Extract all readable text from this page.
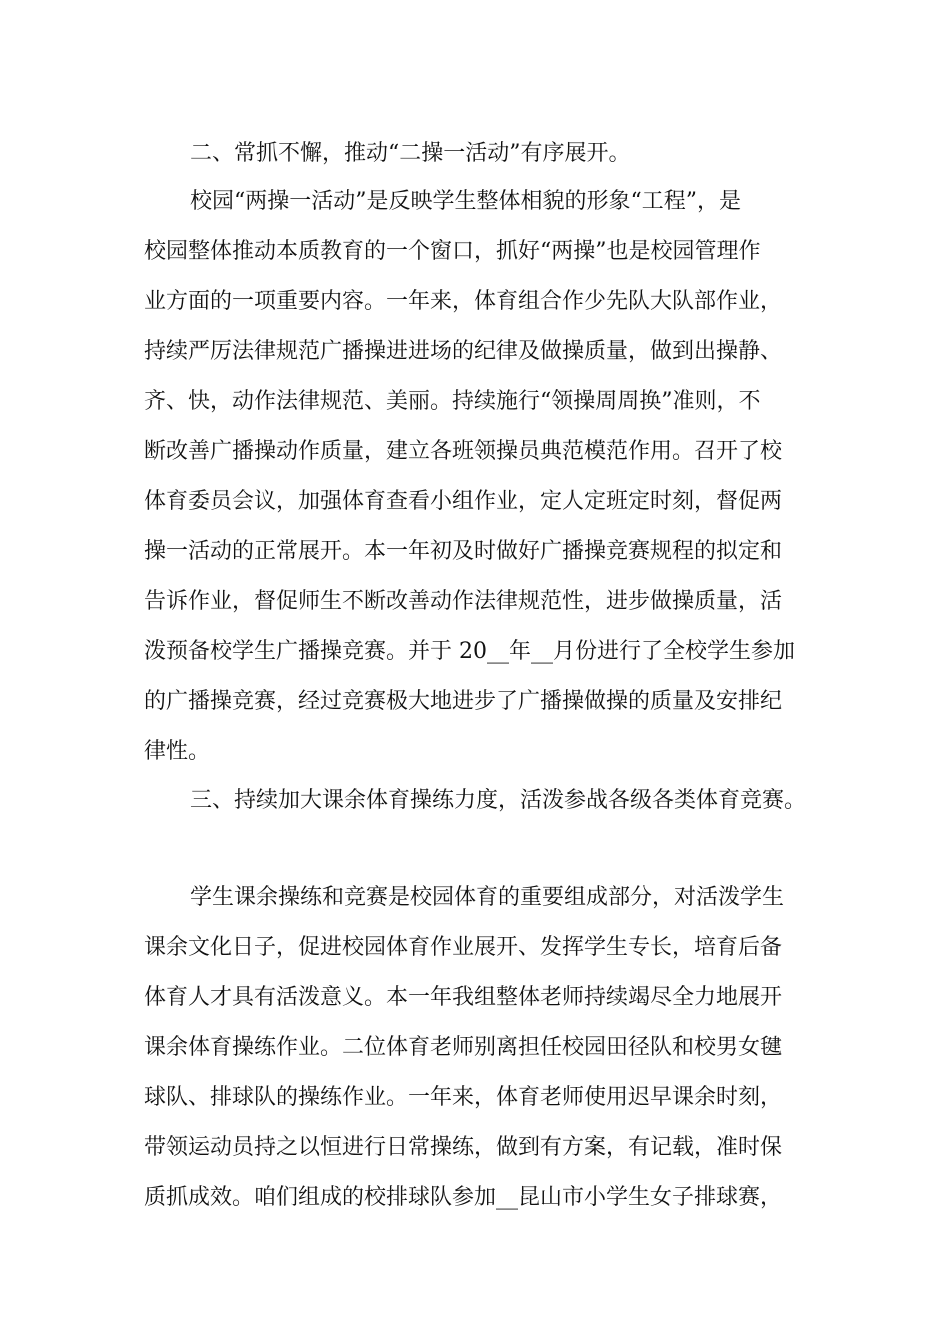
二、常抓不懈，推动“二操一活动”有序展开。
校园“两操一活动”是反映学生整体相貌的形象“工程”，是
校园整体推动本质教育的一个窗口，抓好“两操”也是校园管理作
业方面的一项重要内容。一年来，体育组合作少先队大队部作业，
持续严厉法律规范广播操进进场的纪律及做操质量，做到出操静、
齐、快，动作法律规范、美丽。持续施行“领操周周换”准则，不
断改善广播操动作质量，建立各班领操员典范模范作用。召开了校
体育委员会议，加强体育查看小组作业，定人定班定时刻，督促两
操一活动的正常展开。本一年初及时做好广播操竞赛规程的拟定和
告诉作业，督促师生不断改善动作法律规范性，进步做操质量，活
泼预备校学生广播操竞赛。并于 20__年__月份进行了全校学生参加
的广播操竞赛，经过竞赛极大地进步了广播操做操的质量及安排纪
律性。
三、持续加大课余体育操练力度，活泼参战各级各类体育竞赛。
学生课余操练和竞赛是校园体育的重要组成部分，对活泼学生
课余文化日子，促进校园体育作业展开、发挥学生专长，培育后备
体育人才具有活泼意义。本一年我组整体老师持续竭尽全力地展开
课余体育操练作业。二位体育老师别离担任校园田径队和校男女毽
球队、排球队的操练作业。一年来，体育老师使用迟早课余时刻，
带领运动员持之以恒进行日常操练，做到有方案，有记载，准时保
质抓成效。咱们组成的校排球队参加__昆山市小学生女子排球赛，
